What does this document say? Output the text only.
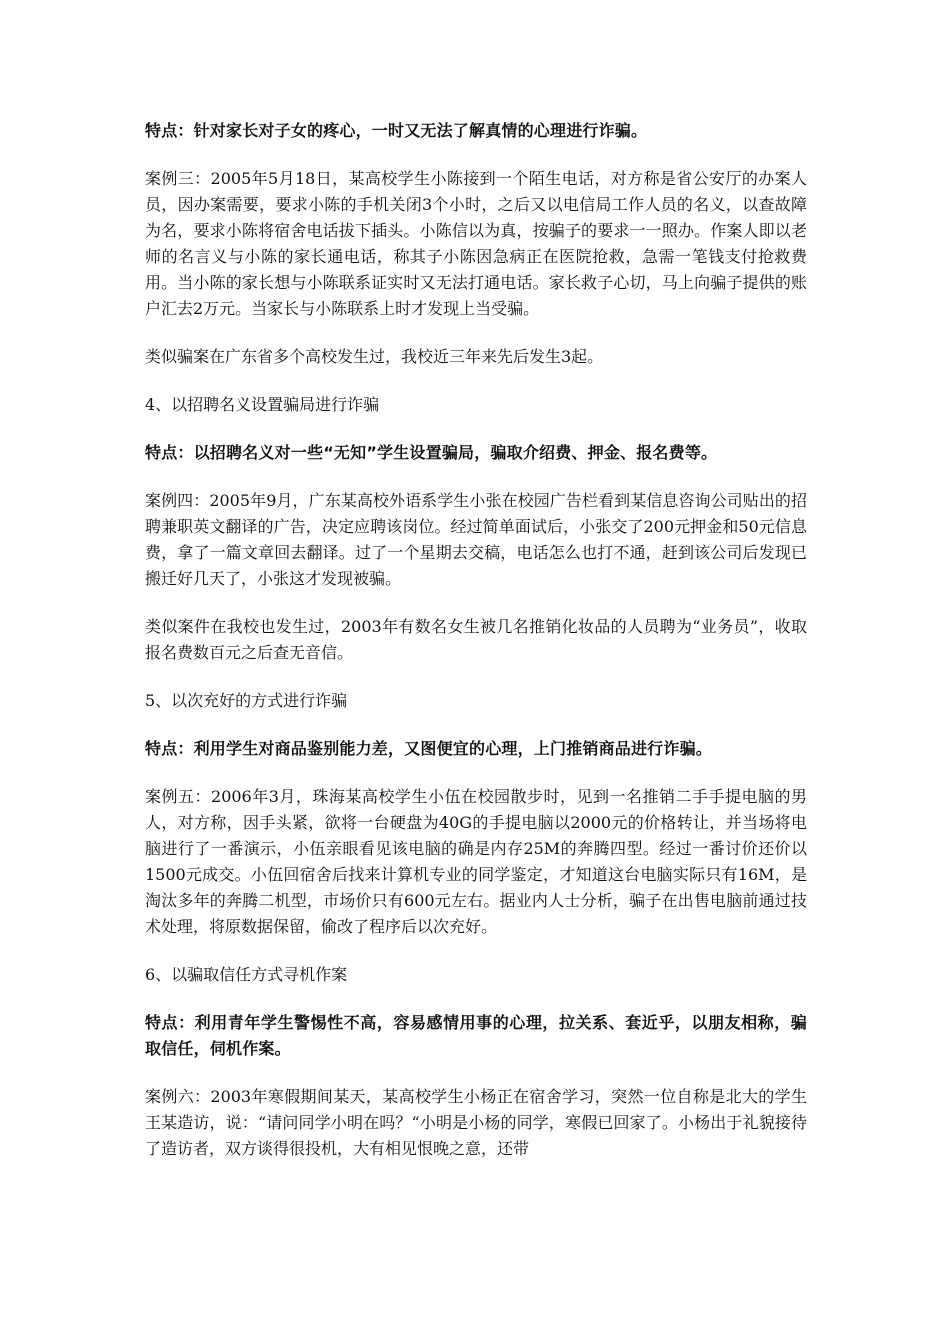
特点：针对家长对子女的疼心，一时又无法了解真情的心理进行诈骗。

案例三：2005年5月18日，某高校学生小陈接到一个陌生电话，对方称是省公安厅的办案人员，因办案需要，要求小陈的手机关闭3个小时，之后又以电信局工作人员的名义，以查故障为名，要求小陈将宿舍电话拔下插头。小陈信以为真，按骗子的要求一一照办。作案人即以老师的名言义与小陈的家长通电话，称其子小陈因急病正在医院抢救，急需一笔钱支付抢救费用。当小陈的家长想与小陈联系证实时又无法打通电话。家长救子心切，马上向骗子提供的账户汇去2万元。当家长与小陈联系上时才发现上当受骗。

类似骗案在广东省多个高校发生过，我校近三年来先后发生3起。

4、以招聘名义设置骗局进行诈骗

特点：以招聘名义对一些“无知”学生设置骗局，骗取介绍费、押金、报名费等。

案例四：2005年9月，广东某高校外语系学生小张在校园广告栏看到某信息咨询公司贴出的招聘兼职英文翻译的广告，决定应聘该岗位。经过简单面试后，小张交了200元押金和50元信息费，拿了一篇文章回去翻译。过了一个星期去交稿，电话怎么也打不通，赶到该公司后发现已搬迁好几天了，小张这才发现被骗。

类似案件在我校也发生过，2003年有数名女生被几名推销化妆品的人员聘为“业务员”，收取报名费数百元之后查无音信。

5、以次充好的方式进行诈骗

特点：利用学生对商品鉴别能力差，又图便宜的心理，上门推销商品进行诈骗。

案例五：2006年3月，珠海某高校学生小伍在校园散步时，见到一名推销二手手提电脑的男人，对方称，因手头紧，欲将一台硬盘为40G的手提电脑以2000元的价格转让，并当场将电脑进行了一番演示，小伍亲眼看见该电脑的确是内存25M的奔腾四型。经过一番讨价还价以1500元成交。小伍回宿舍后找来计算机专业的同学鉴定，才知道这台电脑实际只有16M，是淘汰多年的奔腾二机型，市场价只有600元左右。据业内人士分析，骗子在出售电脑前通过技术处理，将原数据保留，偷改了程序后以次充好。

6、以骗取信任方式寻机作案

特点：利用青年学生警惕性不高，容易感情用事的心理，拉关系、套近乎，以朋友相称，骗取信任，伺机作案。

案例六：2003年寒假期间某天，某高校学生小杨正在宿舍学习，突然一位自称是北大的学生王某造访，说：“请问同学小明在吗？“小明是小杨的同学，寒假已回家了。小杨出于礼貌接待了造访者，双方谈得很投机，大有相见恨晚之意，还带
